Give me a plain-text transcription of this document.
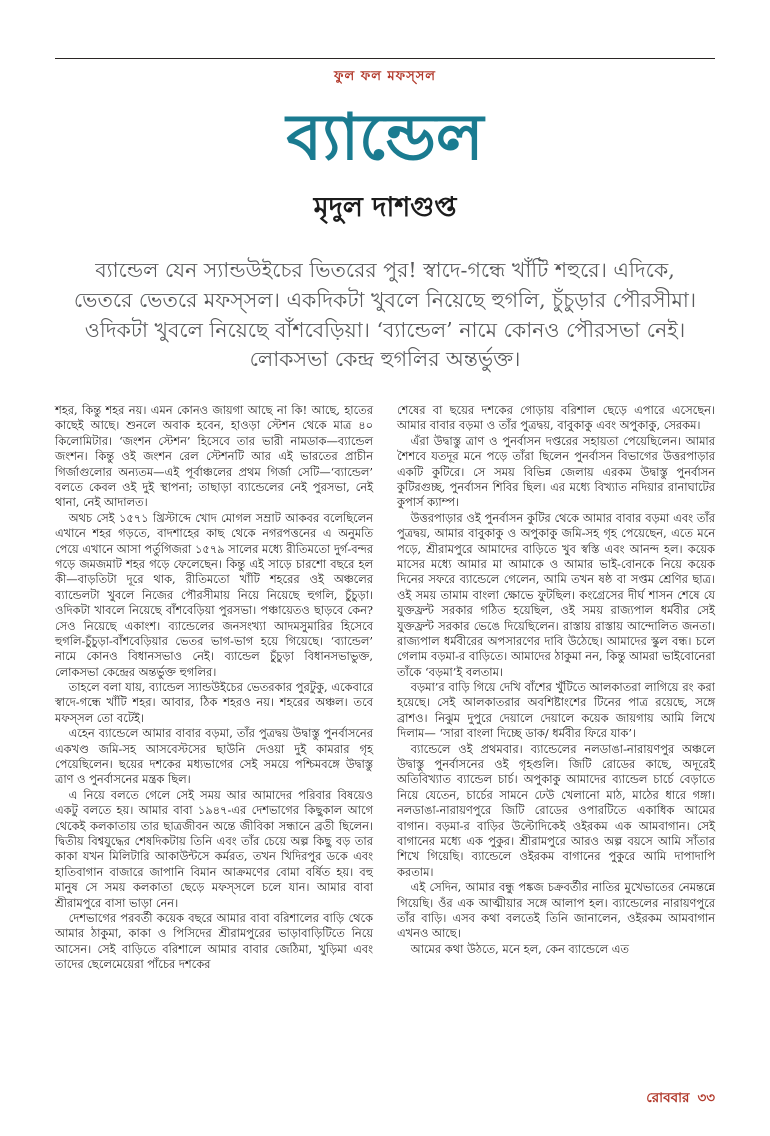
ফুল ফল মফস্সল
ব্যান্ডেল
মৃদুল দাশগুপ্ত
ব্যান্ডেল যেন স্যান্ডউইচের ভিতরের পুর! স্বাদে-গন্ধে খাঁটি শহুরে। এদিকে, ভেতরে ভেতরে মফস্সল। একদিকটা খুবলে নিয়েছে হুগলি, চুঁচুড়ার পৌরসীমা। ওদিকটা খুবলে নিয়েছে বাঁশবেড়িয়া। ‘ব্যান্ডেল’ নামে কোনও পৌরসভা নেই। লোকসভা কেন্দ্র হুগলির অন্তর্ভুক্ত।

শহর, কিন্তু শহর নয়। এমন কোনও জায়গা আছে না কি! আছে, হাতের কাছেই আছে। শুনলে অবাক হবেন, হাওড়া স্টেশন থেকে মাত্র ৪০ কিলোমিটার। ‘জংশন স্টেশন’ হিসেবে তার ভারী নামডাক—ব্যান্ডেল জংশন। কিন্তু ওই জংশন রেল স্টেশনটি আর এই ভারতের প্রাচীন গির্জাগুলোর অন্যতম—এই পূর্বাঞ্চলের প্রথম গির্জা সেটি—‘ব্যান্ডেল’ বলতে কেবল ওই দুই স্থাপনা; তাছাড়া ব্যান্ডেলের নেই পুরসভা, নেই থানা, নেই আদালত।

অথচ সেই ১৫৭১ খ্রিস্টাব্দে খোদ মোগল সম্রাট আকবর বলেছিলেন এখানে শহর গড়তে, বাদশাহের কাছ থেকে নগরপত্তনের এ অনুমতি পেয়ে এখানে আসা পর্তুগিজরা ১৫৭৯ সালের মধ্যে রীতিমতো দুর্গ-বন্দর গড়ে জমজমাট শহর গড়ে ফেলেছেন। কিন্তু এই সাড়ে চারশো বছরে হল কী—বাড়তিটা দূরে থাক, রীতিমতো খাঁটি শহরের ওই অঞ্চলের ব্যান্ডেলটা খুবলে নিজের পৌরসীমায় নিয়ে নিয়েছে হুগলি, চুঁচুড়া। ওদিকটা খাবলে নিয়েছে বাঁশবেড়িয়া পুরসভা। পঞ্চায়েতও ছাড়বে কেন? সেও নিয়েছে একাংশ। ব্যান্ডেলের জনসংখ্যা আদমসুমারির হিসেবে হুগলি-চুঁচুড়া-বাঁশবেড়িয়ার ভেতর ভাগ-ভাগ হয়ে গিয়েছে। ‘ব্যান্ডেল’ নামে কোনও বিধানসভাও নেই। ব্যান্ডেল চুঁচুড়া বিধানসভাভুক্ত, লোকসভা কেন্দ্রের অন্তর্ভুক্ত হুগলির।

তাহলে বলা যায়, ব্যান্ডেল স্যান্ডউইচের ভেতরকার পুরটুকু, একেবারে স্বাদে-গন্ধে খাঁটি শহর। আবার, ঠিক শহরও নয়। শহরের অঞ্চল। তবে মফস্সল তো বটেই।

এহেন ব্যান্ডেলে আমার বাবার বড়মা, তাঁর পুত্রদ্বয় উদ্বাস্তু পুনর্বাসনের একখণ্ড জমি-সহ আসবেস্টসের ছাউনি দেওয়া দুই কামরার গৃহ পেয়েছিলেন। ছয়ের দশকের মধ্যভাগের সেই সময়ে পশ্চিমবঙ্গে উদ্বাস্তু ত্রাণ ও পুনর্বাসনের মন্ত্রক ছিল।

এ নিয়ে বলতে গেলে সেই সময় আর আমাদের পরিবার বিষয়েও একটু বলতে হয়। আমার বাবা ১৯৪৭-এর দেশভাগের কিছুকাল আগে থেকেই কলকাতায় তার ছাত্রজীবন অন্তে জীবিকা সন্ধানে ব্রতী ছিলেন। দ্বিতীয় বিশ্বযুদ্ধের শেষদিকটায় তিনি এবং তাঁর চেয়ে অল্প কিছু বড় তার কাকা যখন মিলিটারি আকাউন্টসে কর্মরত, তখন খিদিরপুর ডকে এবং হাতিবাগান বাজারে জাপানি বিমান আক্রমণের বোমা বর্ষিত হয়। বহু মানুষ সে সময় কলকাতা ছেড়ে মফস্সলে চলে যান। আমার বাবা শ্রীরামপুরে বাসা ভাড়া নেন।

দেশভাগের পরবর্তী কয়েক বছরে আমার বাবা বরিশালের বাড়ি থেকে আমার ঠাকুমা, কাকা ও পিসিদের শ্রীরামপুরের ভাড়াবাড়িটিতে নিয়ে আসেন। সেই বাড়িতে বরিশালে আমার বাবার জেঠিমা, খুড়িমা এবং তাদের ছেলেমেয়েরা পাঁচের দশকের

শেষের বা ছয়ের দশকের গোড়ায় বরিশাল ছেড়ে এপারে এসেছেন। আমার বাবার বড়মা ও তাঁর পুত্রদ্বয়, বাবুকাকু এবং অপুকাকু, সেরকম।

এঁরা উদ্বাস্তু ত্রাণ ও পুনর্বাসন দপ্তরের সহায়তা পেয়েছিলেন। আমার শৈশবে যতদূর মনে পড়ে তাঁরা ছিলেন পুনর্বাসন বিভাগের উত্তরপাড়ার একটি কুটিরে। সে সময় বিভিন্ন জেলায় এরকম উদ্বাস্তু পুনর্বাসন কুটিরগুচ্ছ, পুনর্বাসন শিবির ছিল। এর মধ্যে বিখ্যাত নদিয়ার রানাঘাটের কুপার্স ক্যাম্প।

উত্তরপাড়ার ওই পুনর্বাসন কুটির থেকে আমার বাবার বড়মা এবং তাঁর পুত্রদ্বয়, আমার বাবুকাকু ও অপুকাকু জমি-সহ গৃহ পেয়েছেন, এতে মনে পড়ে, শ্রীরামপুরে আমাদের বাড়িতে খুব স্বস্তি এবং আনন্দ হল। কয়েক মাসের মধ্যে আমার মা আমাকে ও আমার ভাই-বোনকে নিয়ে কয়েক দিনের সফরে ব্যান্ডেলে গেলেন, আমি তখন ষষ্ঠ বা সপ্তম শ্রেণির ছাত্র। ওই সময় তামাম বাংলা ক্ষোভে ফুটছিল। কংগ্রেসের দীর্ঘ শাসন শেষে যে যুক্তফ্রন্ট সরকার গঠিত হয়েছিল, ওই সময় রাজ্যপাল ধর্মবীর সেই যুক্তফ্রন্ট সরকার ভেঙে দিয়েছিলেন। রাস্তায় রাস্তায় আন্দোলিত জনতা। রাজ্যপাল ধর্মবীরের অপসারণের দাবি উঠেছে। আমাদের স্কুল বন্ধ। চলে গেলাম বড়মা-র বাড়িতে। আমাদের ঠাকুমা নন, কিন্তু আমরা ভাইবোনেরা তাঁকে ‘বড়মা’ই বলতাম।

বড়মা’র বাড়ি গিয়ে দেখি বাঁশের খুঁটিতে আলকাতরা লাগিয়ে রং করা হয়েছে। সেই আলকাতরার অবশিষ্টাংশের টিনের পাত্র রয়েছে, সঙ্গে ব্রাশও। নিঝুম দুপুরে দেয়ালে দেয়ালে কয়েক জায়গায় আমি লিখে দিলাম— ‘সারা বাংলা দিচ্ছে ডাক/ ধর্মবীর ফিরে যাক’।

ব্যান্ডেলে ওই প্রথমবার। ব্যান্ডেলের নলডাঙা-নারায়ণপুর অঞ্চলে উদ্বাস্তু পুনর্বাসনের ওই গৃহগুলি। জিটি রোডের কাছে, অদূরেই অতিবিখ্যাত ব্যান্ডেল চার্চ। অপুকাকু আমাদের ব্যান্ডেল চার্চে বেড়াতে নিয়ে যেতেন, চার্চের সামনে ঢেউ খেলানো মাঠ, মাঠের ধারে গঙ্গা। নলডাঙা-নারায়ণপুরে জিটি রোডের ওপারটিতে একাধিক আমের বাগান। বড়মা-র বাড়ির উল্টোদিকেই ওইরকম এক আমবাগান। সেই বাগানের মধ্যে এক পুকুর। শ্রীরামপুরে আরও অল্প বয়সে আমি সাঁতার শিখে গিয়েছি। ব্যান্ডেলে ওইরকম বাগানের পুকুরে আমি দাপাদাপি করতাম।

এই সেদিন, আমার বন্ধু পঙ্কজ চক্রবর্তীর নাতির মুখেভাতের নেমন্তন্নে গিয়েছি। ওঁর এক আত্মীয়ার সঙ্গে আলাপ হল। ব্যান্ডেলের নারায়ণপুরে তাঁর বাড়ি। এসব কথা বলতেই তিনি জানালেন, ওইরকম আমবাগান এখনও আছে।

আমের কথা উঠতে, মনে হল, কেন ব্যান্ডেলে এত

রোববার ৩৩
